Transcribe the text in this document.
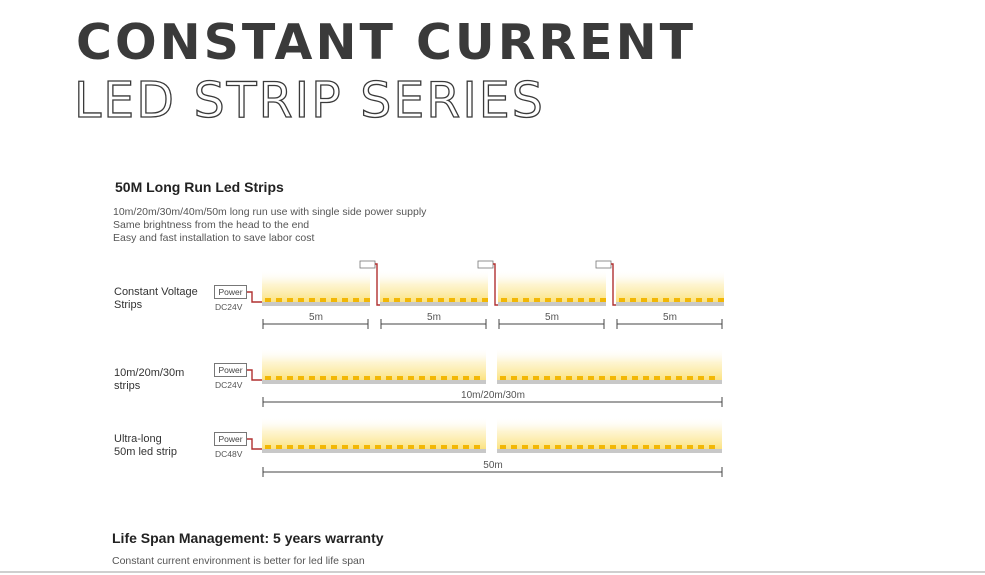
CONSTANT CURRENT
LED STRIP SERIES
50M Long Run Led Strips
10m/20m/30m/40m/50m long run use with single side power supply
Same brightness from the head to the end
Easy and fast installation to save labor cost
5m	5m	5m	5m
10m/20m/30m
50m
Constant Voltage
Strips
10m/20m/30m
strips
Ultra-long
50m led strip
Power
Power
Power
DC24V
DC24V
DC48V
Life Span Management: 5 years warranty
Constant current environment is better for led life span
